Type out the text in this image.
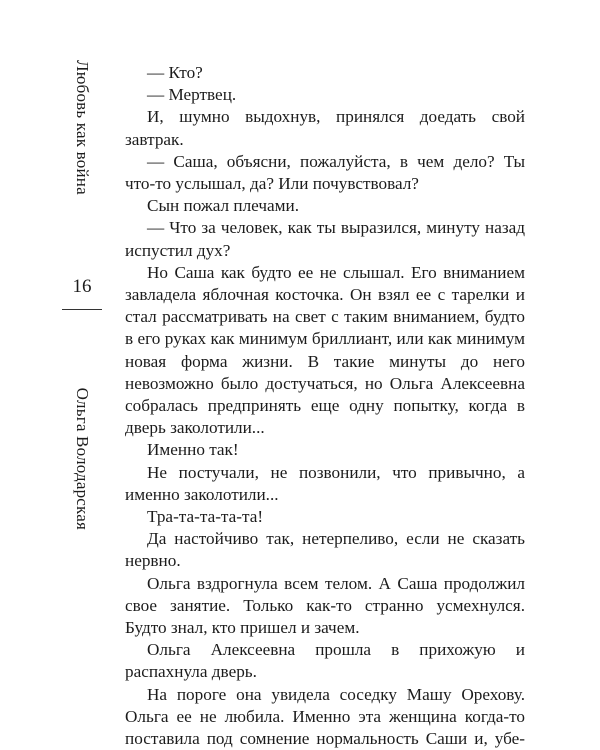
Любовь как война
16
Ольга Володарская

— Кто?

— Мертвец.

И, шумно выдохнув, принялся доедать свой завтрак.

— Саша, объясни, пожалуйста, в чем дело? Ты что-то услышал, да? Или почувствовал?

Сын пожал плечами.

— Что за человек, как ты выразился, минуту назад испустил дух?

Но Саша как будто ее не слышал. Его вниманием завладела яблочная косточка. Он взял ее с тарелки и стал рассматривать на свет с таким вниманием, будто в его руках как минимум бриллиант, или как минимум новая форма жизни. В такие минуты до него невозможно было достучаться, но Ольга Алексеевна собралась предпринять еще одну попытку, когда в дверь заколотили...

Именно так!

Не постучали, не позвонили, что привычно, а именно заколотили...

Тра-та-та-та-та!

Да настойчиво так, нетерпеливо, если не сказать нервно.

Ольга вздрогнула всем телом. А Саша продолжил свое занятие. Только как-то странно усмехнулся. Будто знал, кто пришел и зачем.

Ольга Алексеевна прошла в прихожую и распахнула дверь.

На пороге она увидела соседку Машу Орехову. Ольга ее не любила. Именно эта женщина когда-то поставила под сомнение нормальность Саши и, убе-
